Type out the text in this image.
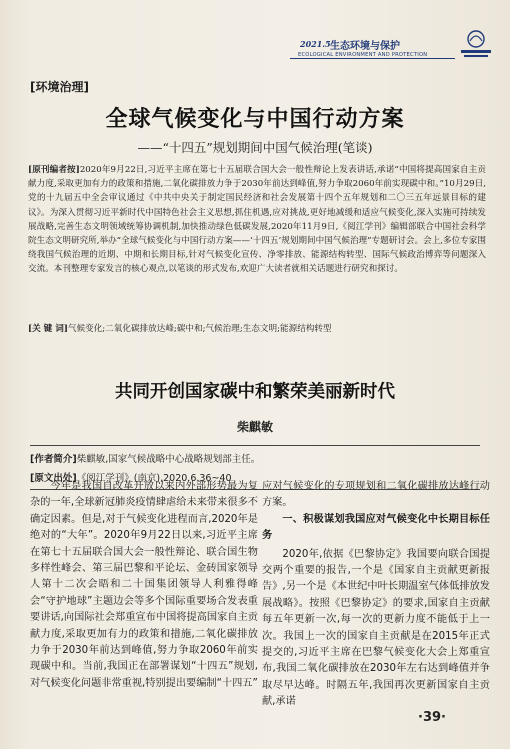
2021.5 生态环境与保护
ECOLOGICAL ENVIRONMENT AND PROTECTION
[环境治理]
全球气候变化与中国行动方案
——“十四五”规划期间中国气候治理(笔谈)
[原刊编者按]2020年9月22日,习近平主席在第七十五届联合国大会一般性辩论上发表讲话,承诺“中国将提高国家自主贡献力度,采取更加有力的政策和措施,二氧化碳排放力争于2030年前达到峰值,努力争取2060年前实现碳中和。”10月29日,党的十九届五中全会审议通过《中共中央关于制定国民经济和社会发展第十四个五年规划和二〇三五年远景目标的建议》。为深入贯彻习近平新时代中国特色社会主义思想,抓住机遇,应对挑战,更好地减缓和适应气候变化,深入实施可持续发展战略,完善生态文明领域统筹协调机制,加快推动绿色低碳发展,2020年11月9日,《阅江学刊》编辑部联合中国社会科学院生态文明研究所,举办“全球气候变化与中国行动方案——‘十四五’规划期间中国气候治理”专题研讨会。会上,多位专家围绕我国气候治理的近期、中期和长期目标,针对气候变化宣传、净零排放、能源结构转型、国际气候政治博弈等问题深入交流。本刊整理专家发言的核心观点,以笔谈的形式发布,欢迎广大读者就相关话题进行研究和探讨。
[关 键 词]气候变化;二氧化碳排放达峰;碳中和;气候治理;生态文明;能源结构转型
共同开创国家碳中和繁荣美丽新时代
柴麒敏
[作者简介]柴麒敏,国家气候战略中心战略规划部主任。
[原文出处]《阅江学刊》(南京),2020.6.36~40

今年是我国自改革开放以来内外部形势最为复杂的一年,全球新冠肺炎疫情肆虐给未来带来很多不确定因素。但是,对于气候变化进程而言,2020年是绝对的“大年”。2020年9月22日以来,习近平主席在第七十五届联合国大会一般性辩论、联合国生物多样性峰会、第三届巴黎和平论坛、金砖国家领导人第十二次会晤和二十国集团领导人利雅得峰会“守护地球”主题边会等多个国际重要场合发表重要讲话,向国际社会郑重宣布中国将提高国家自主贡献力度,采取更加有力的政策和措施,二氧化碳排放力争于2030年前达到峰值,努力争取2060年前实现碳中和。当前,我国正在部署谋划“十四五”规划,对气候变化问题非常重视,特别提出要编制“十四五”

应对气候变化的专项规划和二氧化碳排放达峰行动方案。

一、积极谋划我国应对气候变化中长期目标任务

2020年,依据《巴黎协定》我国要向联合国提交两个重要的报告,一个是《国家自主贡献更新报告》,另一个是《本世纪中叶长期温室气体低排放发展战略》。按照《巴黎协定》的要求,国家自主贡献每五年更新一次,每一次的更新力度不能低于上一次。我国上一次的国家自主贡献是在2015年正式提交的,习近平主席在巴黎气候变化大会上郑重宣布,我国二氧化碳排放在2030年左右达到峰值并争取尽早达峰。时隔五年,我国再次更新国家自主贡献,承诺

·39·
